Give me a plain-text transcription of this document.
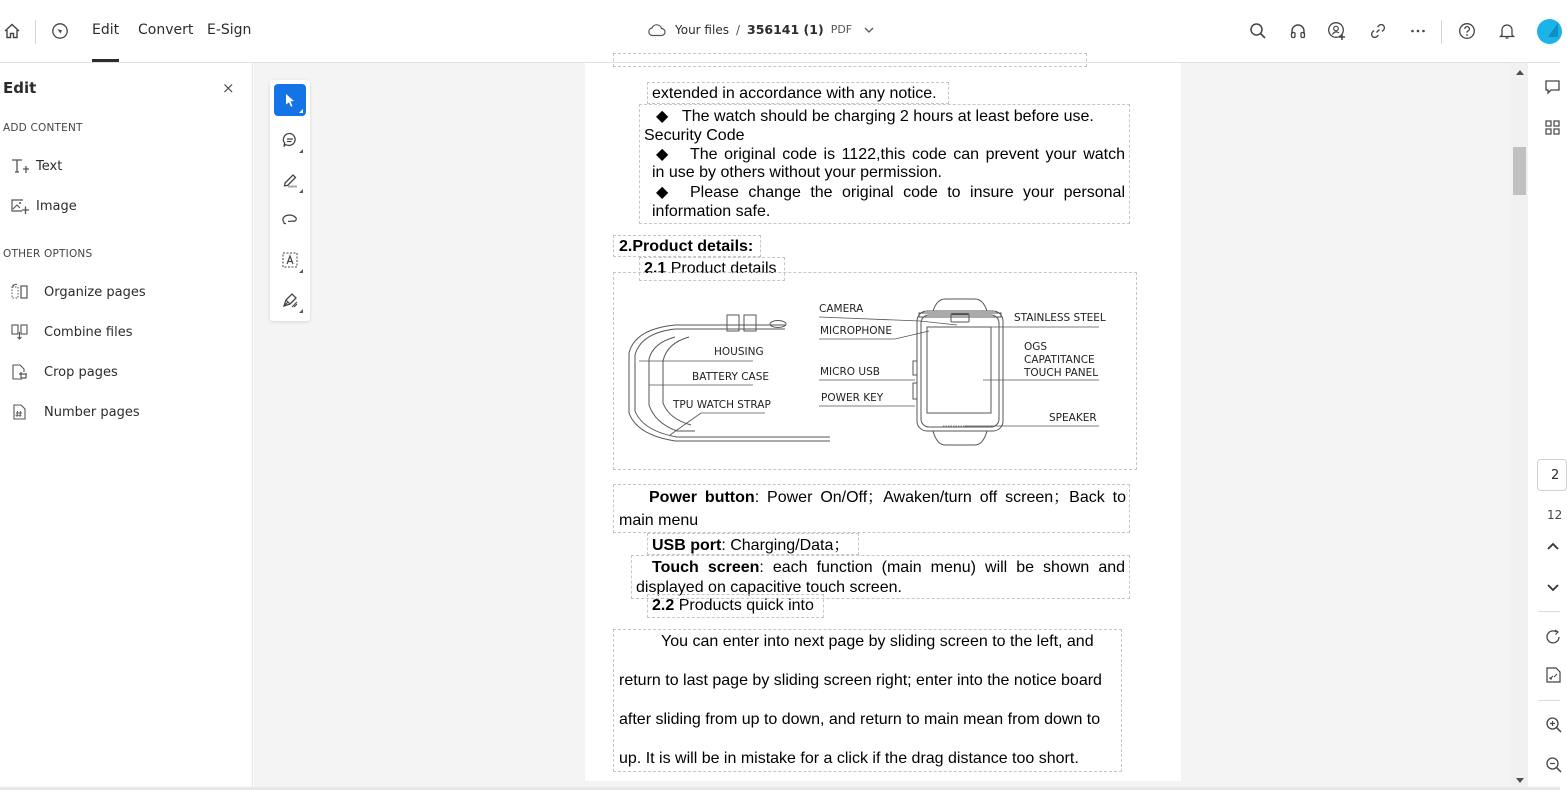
Edit Convert E-Sign	Your files / 356141 (1) PDF
Edit	×
ADD CONTENT
Text
Image
OTHER OPTIONS
Organize pages
Combine files
Crop pages
Number pages
extended in accordance with any notice.
◆ The watch should be charging 2 hours at least before use.
Security Code
◆ The original code is 1122,this code can prevent your watch
in use by others without your permission.
◆ Please change the original code to insure your personal
information safe.
2.Product details:
2.1 Product details
HOUSING
BATTERY CASE
TPU WATCH STRAP
CAMERA
MICROPHONE
MICRO USB
POWER KEY
STAINLESS STEEL
OGS
CAPATITANCE
TOUCH PANEL
SPEAKER
Power button: Power On/Off；Awaken/turn off screen；Back to
main menu
USB port: Charging/Data；
Touch screen: each function (main menu) will be shown and
displayed on capacitive touch screen.
2.2 Products quick into
You can enter into next page by sliding screen to the left, and
return to last page by sliding screen right; enter into the notice board
after sliding from up to down, and return to main mean from down to
up. It is will be in mistake for a click if the drag distance too short.
2
12
